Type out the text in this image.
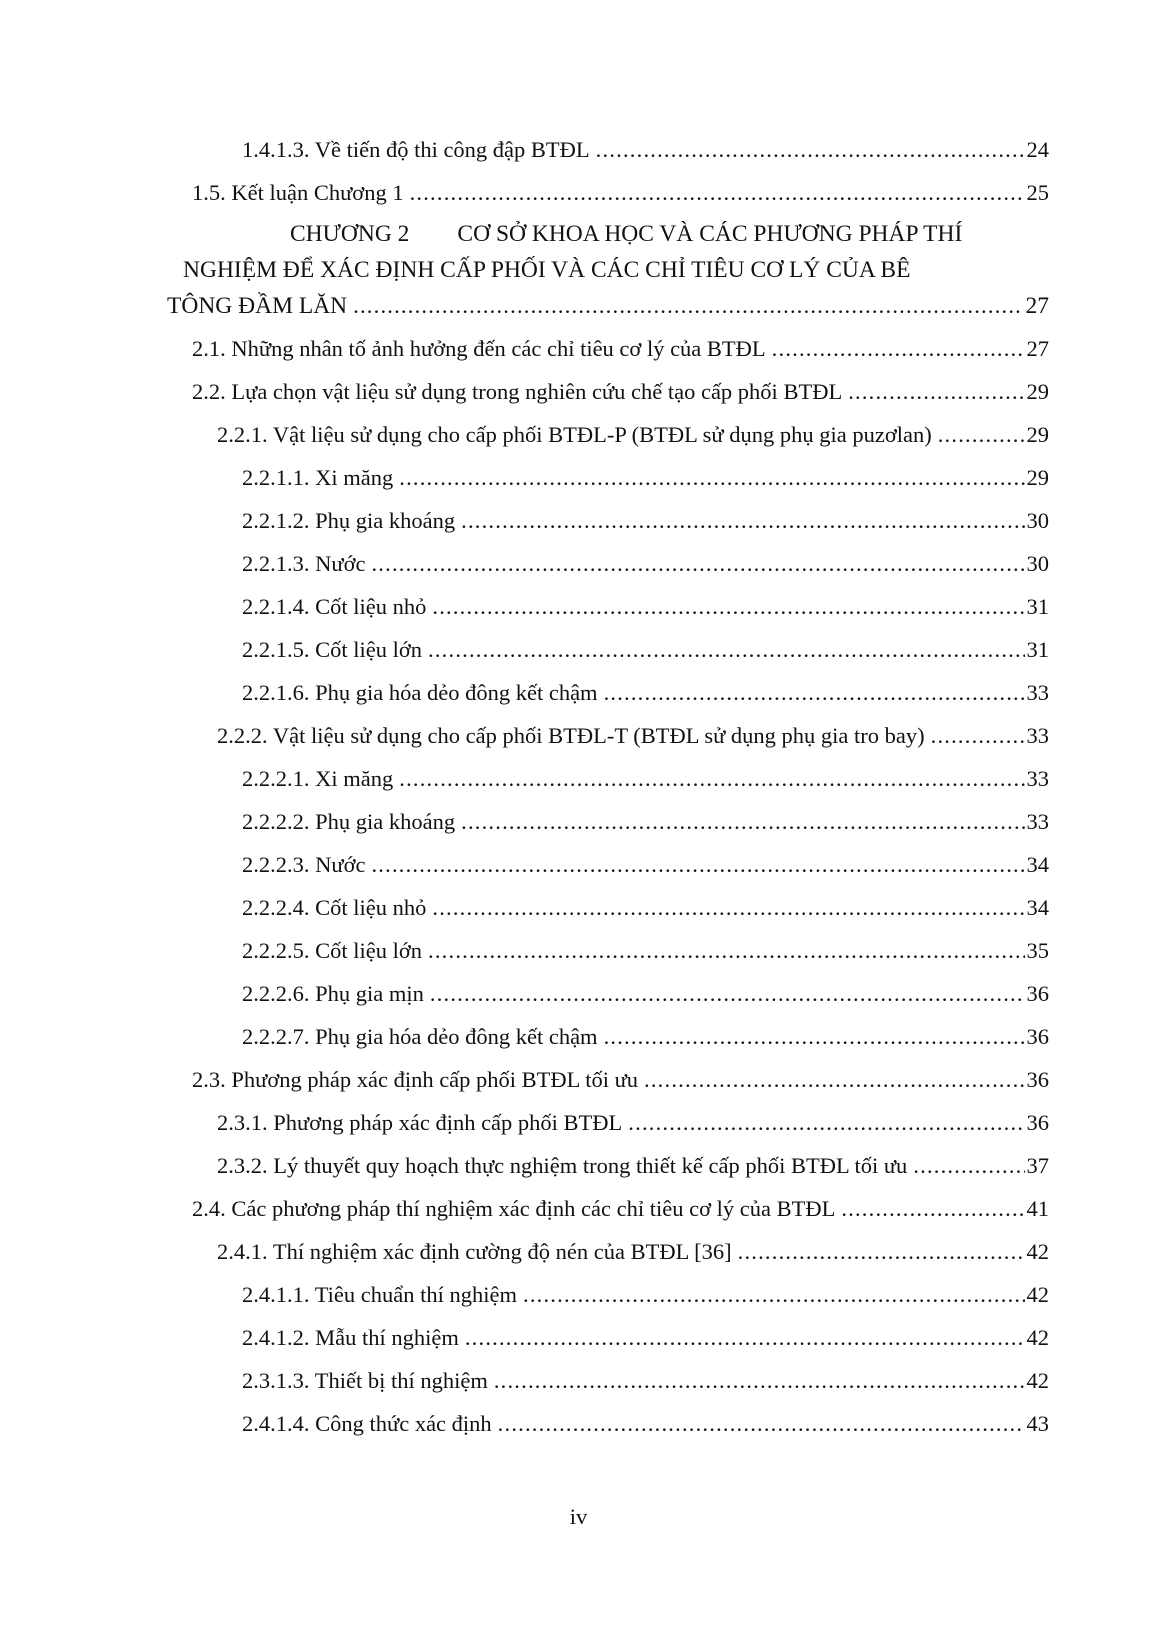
1.4.1.3. Về tiến độ thi công đập BTĐL .....	24
1.5. Kết luận Chương 1 .....	25
CHƯƠNG 2 CƠ SỞ KHOA HỌC VÀ CÁC PHƯƠNG PHÁP THÍ
NGHIỆM ĐỂ XÁC ĐỊNH CẤP PHỐI VÀ CÁC CHỈ TIÊU CƠ LÝ CỦA BÊ
TÔNG ĐẦM LĂN .....	27
2.1. Những nhân tố ảnh hưởng đến các chỉ tiêu cơ lý của BTĐL .....	27
2.2. Lựa chọn vật liệu sử dụng trong nghiên cứu chế tạo cấp phối BTĐL .....	29
2.2.1. Vật liệu sử dụng cho cấp phối BTĐL-P (BTĐL sử dụng phụ gia puzơlan) .....	29
2.2.1.1. Xi măng .....	29
2.2.1.2. Phụ gia khoáng .....	30
2.2.1.3. Nước .....	30
2.2.1.4. Cốt liệu nhỏ .....	31
2.2.1.5. Cốt liệu lớn .....	31
2.2.1.6. Phụ gia hóa dẻo đông kết chậm .....	33
2.2.2. Vật liệu sử dụng cho cấp phối BTĐL-T (BTĐL sử dụng phụ gia tro bay) .....	33
2.2.2.1. Xi măng .....	33
2.2.2.2. Phụ gia khoáng .....	33
2.2.2.3. Nước .....	34
2.2.2.4. Cốt liệu nhỏ .....	34
2.2.2.5. Cốt liệu lớn .....	35
2.2.2.6. Phụ gia mịn .....	36
2.2.2.7. Phụ gia hóa dẻo đông kết chậm .....	36
2.3. Phương pháp xác định cấp phối BTĐL tối ưu .....	36
2.3.1. Phương pháp xác định cấp phối BTĐL .....	36
2.3.2. Lý thuyết quy hoạch thực nghiệm trong thiết kế cấp phối BTĐL tối ưu .....	37
2.4. Các phương pháp thí nghiệm xác định các chỉ tiêu cơ lý của BTĐL .....	41
2.4.1. Thí nghiệm xác định cường độ nén của BTĐL [36] .....	42
2.4.1.1. Tiêu chuẩn thí nghiệm .....	42
2.4.1.2. Mẫu thí nghiệm .....	42
2.3.1.3. Thiết bị thí nghiệm .....	42
2.4.1.4. Công thức xác định .....	43
iv
